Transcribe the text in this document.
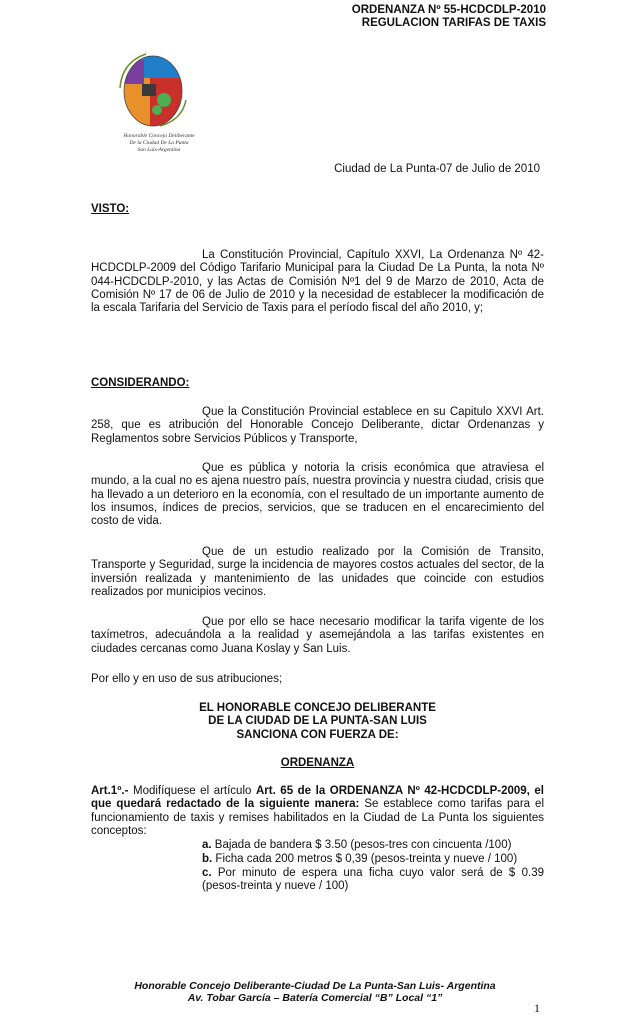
ORDENANZA Nº 55-HCDCDLP-2010
REGULACION TARIFAS DE TAXIS
Honorable Concejo Deliberante
De la Ciudad De La Punta
San Luis-Argentina
Ciudad de La Punta-07 de Julio de 2010
VISTO:
La Constitución Provincial, Capítulo XXVI, La Ordenanza Nº 42-HCDCDLP-2009 del Código Tarifario Municipal para la Ciudad De La Punta, la nota Nº 044-HCDCDLP-2010, y las Actas de Comisión Nº1 del 9 de Marzo de 2010, Acta de Comisión Nº 17 de 06 de Julio de 2010 y la necesidad de establecer la modificación de la escala Tarifaria del Servicio de Taxis para el período fiscal del año 2010, y;
CONSIDERANDO:
Que la Constitución Provincial establece en su Capitulo XXVI Art. 258, que es atribución del Honorable Concejo Deliberante, dictar Ordenanzas y Reglamentos sobre Servicios Públicos y Transporte,
Que es pública y notoria la crisis económica que atraviesa el mundo, a la cual no es ajena nuestro país, nuestra provincia y nuestra ciudad, crisis que ha llevado a un deterioro en la economía, con el resultado de un importante aumento de los insumos, índices de precios, servicios, que se traducen en el encarecimiento del costo de vida.
Que de un estudio realizado por la Comisión de Transito, Transporte y Seguridad, surge la incidencia de mayores costos actuales del sector, de la inversión realizada y mantenimiento de las unidades que coincide con estudios realizados por municipios vecinos.
Que por ello se hace necesario modificar la tarifa vigente de los taxímetros, adecuándola a la realidad y asemejándola a las tarifas existentes en ciudades cercanas como Juana Koslay y San Luis.
Por ello y en uso de sus atribuciones;
EL HONORABLE CONCEJO DELIBERANTE
DE LA CIUDAD DE LA PUNTA-SAN LUIS
SANCIONA CON FUERZA DE:
ORDENANZA
Art.1º.- Modifíquese el artículo Art. 65 de la ORDENANZA Nº 42-HCDCDLP-2009, el que quedará redactado de la siguiente manera: Se establece como tarifas para el funcionamiento de taxis y remises habilitados en la Ciudad de La Punta los siguientes conceptos:
a. Bajada de bandera $ 3.50 (pesos-tres con cincuenta /100)
b. Ficha cada 200 metros $ 0,39 (pesos-treinta y nueve / 100)
c. Por minuto de espera una ficha cuyo valor será de $ 0.39 (pesos-treinta y nueve / 100)
Honorable Concejo Deliberante-Ciudad De La Punta-San Luis- Argentina
Av. Tobar García – Batería Comercial “B” Local “1”
1
